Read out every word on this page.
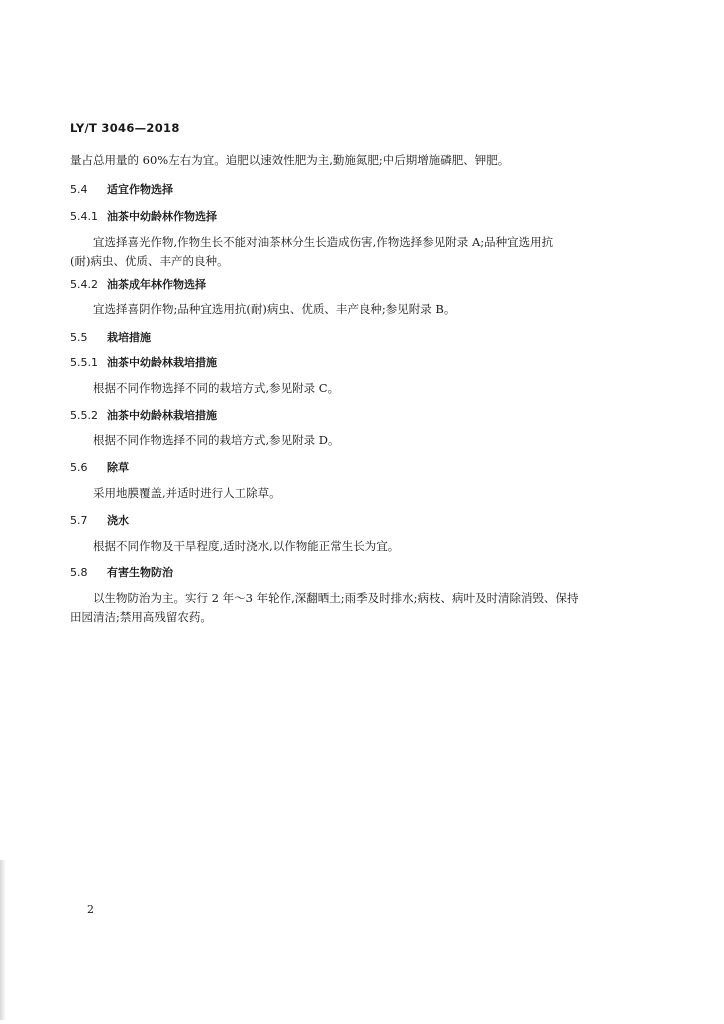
LY/T 3046—2018
量占总用量的 60%左右为宜。追肥以速效性肥为主,勤施氮肥;中后期增施磷肥、钾肥。
5.4 适宜作物选择
5.4.1 油茶中幼龄林作物选择
宜选择喜光作物,作物生长不能对油茶林分生长造成伤害,作物选择参见附录 A;品种宜选用抗
(耐)病虫、优质、丰产的良种。
5.4.2 油茶成年林作物选择
宜选择喜阴作物;品种宜选用抗(耐)病虫、优质、丰产良种;参见附录 B。
5.5 栽培措施
5.5.1 油茶中幼龄林栽培措施
根据不同作物选择不同的栽培方式,参见附录 C。
5.5.2 油茶中幼龄林栽培措施
根据不同作物选择不同的栽培方式,参见附录 D。
5.6 除草
采用地膜覆盖,并适时进行人工除草。
5.7 浇水
根据不同作物及干旱程度,适时浇水,以作物能正常生长为宜。
5.8 有害生物防治
以生物防治为主。实行 2 年～3 年轮作,深翻晒土;雨季及时排水;病枝、病叶及时清除消毁、保持
田园清洁;禁用高残留农药。
2
